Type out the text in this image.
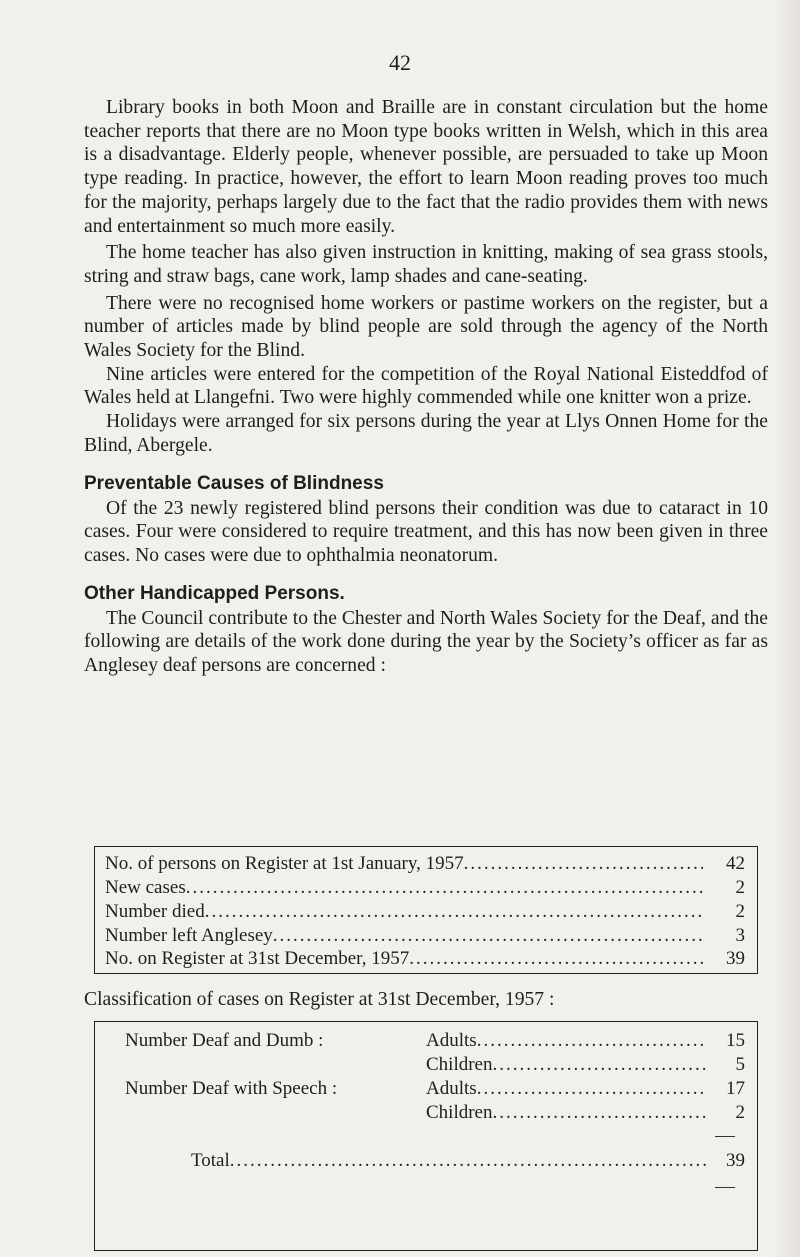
42

Library books in both Moon and Braille are in constant circulation but the home teacher reports that there are no Moon type books written in Welsh, which in this area is a disadvantage. Elderly people, whenever possible, are persuaded to take up Moon type reading. In practice, however, the effort to learn Moon reading proves too much for the majority, perhaps largely due to the fact that the radio provides them with news and entertainment so much more easily.

The home teacher has also given instruction in knitting, making of sea grass stools, string and straw bags, cane work, lamp shades and cane-seating.

There were no recognised home workers or pastime workers on the register, but a number of articles made by blind people are sold through the agency of the North Wales Society for the Blind.

Nine articles were entered for the competition of the Royal National Eisteddfod of Wales held at Llangefni. Two were highly commended while one knitter won a prize.

Holidays were arranged for six persons during the year at Llys Onnen Home for the Blind, Abergele.

Preventable Causes of Blindness

Of the 23 newly registered blind persons their condition was due to cataract in 10 cases. Four were considered to require treatment, and this has now been given in three cases. No cases were due to ophthalmia neonatorum.

Other Handicapped Persons.

The Council contribute to the Chester and North Wales Society for the Deaf, and the following are details of the work done during the year by the Society’s officer as far as Anglesey deaf persons are concerned :

No. of persons on Register at 1st January, 1957 .....	42
New cases .....	2
Number died .....	2
Number left Anglesey .....	3
No. on Register at 31st December, 1957 .....	39
Classification of cases on Register at 31st December, 1957 :
Number Deaf and Dumb :	Adults .....	15
Children .....	5
Number Deaf with Speech :	Adults .....	17
Children .....	2
Total .....	39
